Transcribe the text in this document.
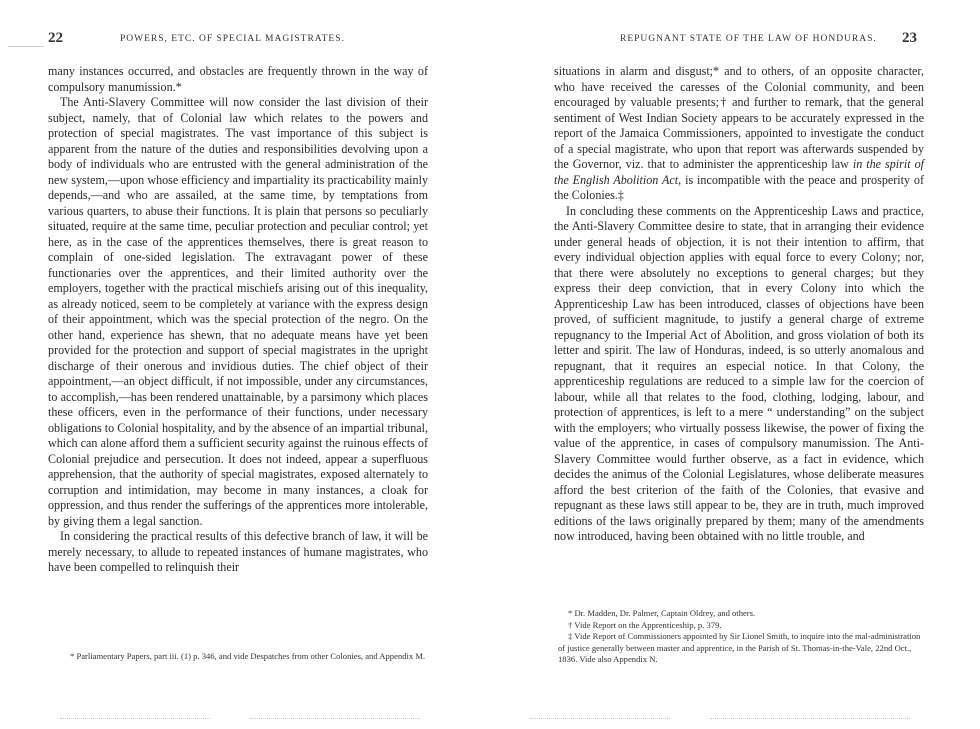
22	POWERS, ETC. OF SPECIAL MAGISTRATES.

many instances occurred, and obstacles are frequently thrown in the way of compulsory manumission.*

The Anti-Slavery Committee will now consider the last division of their subject, namely, that of Colonial law which relates to the powers and protection of special magistrates. The vast importance of this subject is apparent from the nature of the duties and responsibilities devolving upon a body of individuals who are entrusted with the general administration of the new system,—upon whose efficiency and impartiality its practicability mainly depends,—and who are assailed, at the same time, by temptations from various quarters, to abuse their functions. It is plain that persons so peculiarly situated, require at the same time, peculiar protection and peculiar control; yet here, as in the case of the apprentices themselves, there is great reason to complain of one-sided legislation. The extravagant power of these functionaries over the apprentices, and their limited authority over the employers, together with the practical mischiefs arising out of this inequality, as already noticed, seem to be completely at variance with the express design of their appointment, which was the special protection of the negro. On the other hand, experience has shewn, that no adequate means have yet been provided for the protection and support of special magistrates in the upright discharge of their onerous and invidious duties. The chief object of their appointment,—an object difficult, if not impossible, under any circumstances, to accomplish,—has been rendered unattainable, by a parsimony which places these officers, even in the performance of their functions, under necessary obligations to Colonial hospitality, and by the absence of an impartial tribunal, which can alone afford them a sufficient security against the ruinous effects of Colonial prejudice and persecution. It does not indeed, appear a superfluous apprehension, that the authority of special magistrates, exposed alternately to corruption and intimidation, may become in many instances, a cloak for oppression, and thus render the sufferings of the apprentices more intolerable, by giving them a legal sanction.

In considering the practical results of this defective branch of law, it will be merely necessary, to allude to repeated instances of humane magistrates, who have been compelled to relinquish their

* Parliamentary Papers, part iii. (1) p. 346, and vide Despatches from other Colonies, and Appendix M.

23
REPUGNANT STATE OF THE LAW OF HONDURAS.

situations in alarm and disgust;* and to others, of an opposite character, who have received the caresses of the Colonial community, and been encouraged by valuable presents;† and further to remark, that the general sentiment of West Indian Society appears to be accurately expressed in the report of the Jamaica Commissioners, appointed to investigate the conduct of a special magistrate, who upon that report was afterwards suspended by the Governor, viz. that to administer the apprenticeship law in the spirit of the English Abolition Act, is incompatible with the peace and prosperity of the Colonies.‡

In concluding these comments on the Apprenticeship Laws and practice, the Anti-Slavery Committee desire to state, that in arranging their evidence under general heads of objection, it is not their intention to affirm, that every individual objection applies with equal force to every Colony; nor, that there were absolutely no exceptions to general charges; but they express their deep conviction, that in every Colony into which the Apprenticeship Law has been introduced, classes of objections have been proved, of sufficient magnitude, to justify a general charge of extreme repugnancy to the Imperial Act of Abolition, and gross violation of both its letter and spirit. The law of Honduras, indeed, is so utterly anomalous and repugnant, that it requires an especial notice. In that Colony, the apprenticeship regulations are reduced to a simple law for the coercion of labour, while all that relates to the food, clothing, lodging, labour, and protection of apprentices, is left to a mere “ understanding” on the subject with the employers; who virtually possess likewise, the power of fixing the value of the apprentice, in cases of compulsory manumission. The Anti-Slavery Committee would further observe, as a fact in evidence, which decides the animus of the Colonial Legislatures, whose deliberate measures afford the best criterion of the faith of the Colonies, that evasive and repugnant as these laws still appear to be, they are in truth, much improved editions of the laws originally prepared by them; many of the amendments now introduced, having been obtained with no little trouble, and

* Dr. Madden, Dr. Palmer, Captain Oldrey, and others.

† Vide Report on the Apprenticeship, p. 379.

‡ Vide Report of Commissioners appointed by Sir Lionel Smith, to inquire into the mal-administration of justice generally between master and apprentice, in the Parish of St. Thomas-in-the-Vale, 22nd Oct., 1836. Vide also Appendix N.
